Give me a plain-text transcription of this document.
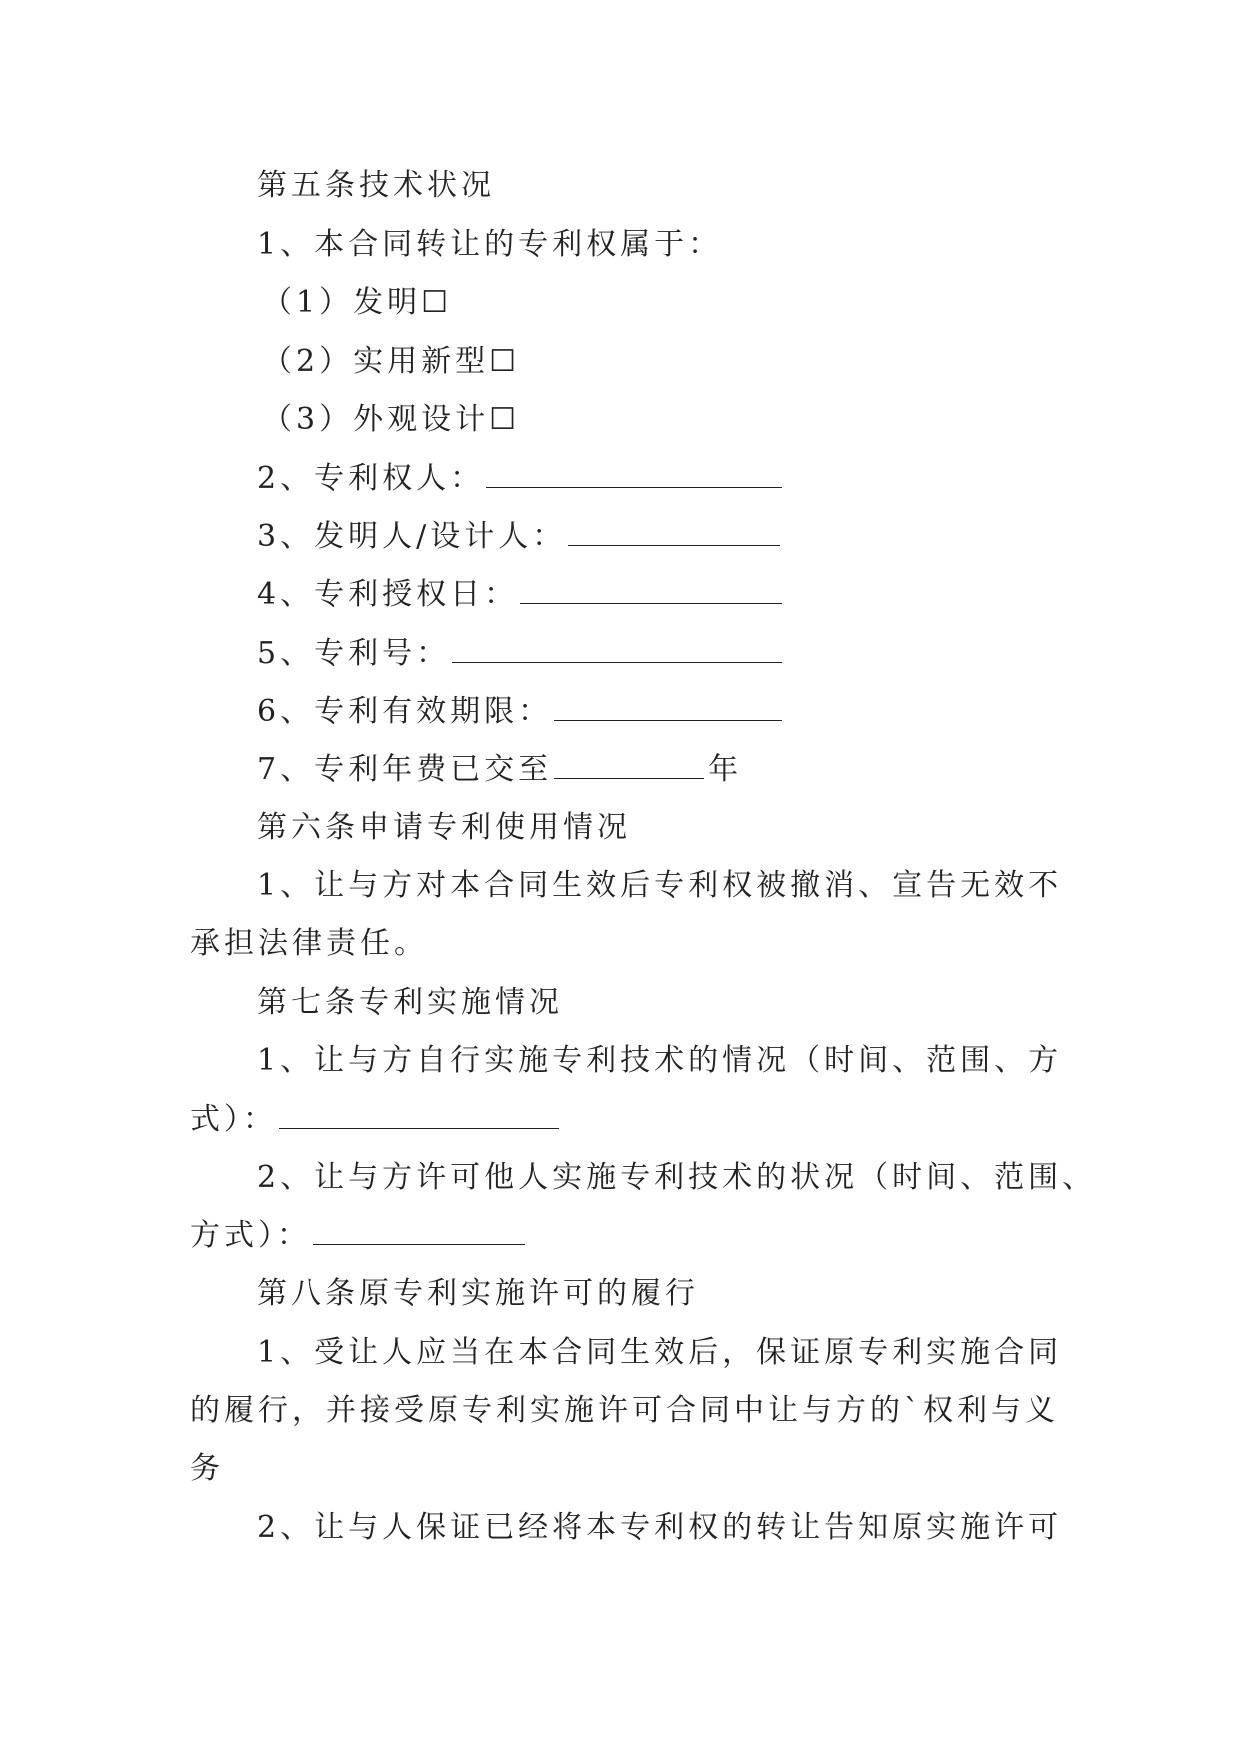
第五条技术状况
1、本合同转让的专利权属于：
（1）发明☐
（2）实用新型☐
（3）外观设计☐
2、专利权人：
3、发明人/设计人：
4、专利授权日：
5、专利号：
6、专利有效期限：
7、专利年费已交至	年
第六条申请专利使用情况
1、让与方对本合同生效后专利权被撤消、宣告无效不
承担法律责任。
第七条专利实施情况
1、让与方自行实施专利技术的情况（时间、范围、方
式）：
2、让与方许可他人实施专利技术的状况（时间、范围、
方式）：
第八条原专利实施许可的履行
1、受让人应当在本合同生效后，保证原专利实施合同
的履行，并接受原专利实施许可合同中让与方的`权利与义
务
2、让与人保证已经将本专利权的转让告知原实施许可
